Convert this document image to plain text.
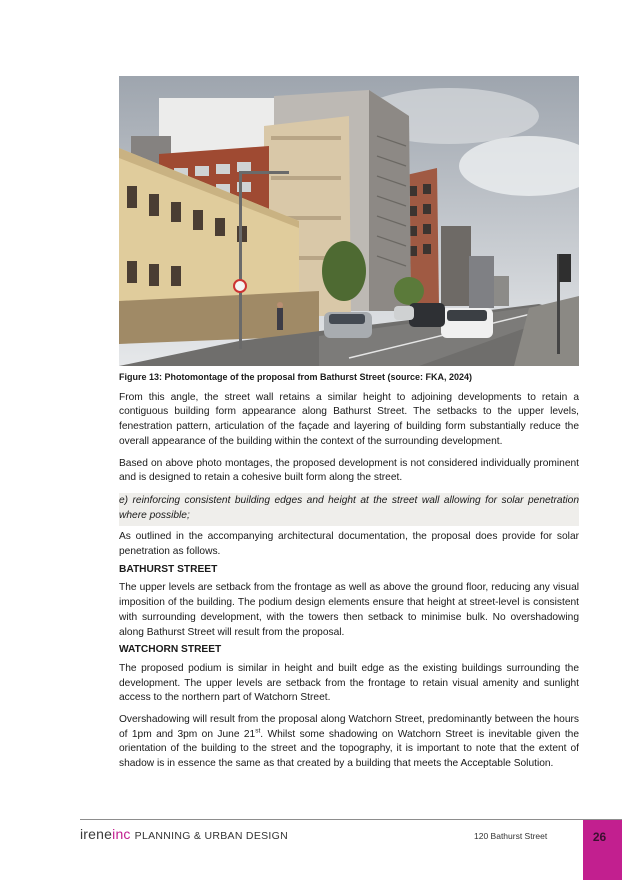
Figure 13: Photomontage of the proposal from Bathurst Street (source: FKA, 2024)

From this angle, the street wall retains a similar height to adjoining developments to retain a contiguous building form appearance along Bathurst Street. The setbacks to the upper levels, fenestration pattern, articulation of the façade and layering of building form substantially reduce the overall appearance of the building within the context of the surrounding development.

Based on above photo montages, the proposed development is not considered individually prominent and is designed to retain a cohesive built form along the street.

e) reinforcing consistent building edges and height at the street wall allowing for solar penetration where possible;

As outlined in the accompanying architectural documentation, the proposal does provide for solar penetration as follows.

BATHURST STREET

The upper levels are setback from the frontage as well as above the ground floor, reducing any visual imposition of the building. The podium design elements ensure that height at street-level is consistent with surrounding development, with the towers then setback to minimise bulk. No overshadowing along Bathurst Street will result from the proposal.

WATCHORN STREET

The proposed podium is similar in height and built edge as the existing buildings surrounding the development. The upper levels are setback from the frontage to retain visual amenity and sunlight access to the northern part of Watchorn Street.

Overshadowing will result from the proposal along Watchorn Street, predominantly between the hours of 1pm and 3pm on June 21st. Whilst some shadowing on Watchorn Street is inevitable given the orientation of the building to the street and the topography, it is important to note that the extent of shadow is in essence the same as that created by a building that meets the Acceptable Solution.

ireneinc PLANNING & URBAN DESIGN	120 Bathurst Street	26
